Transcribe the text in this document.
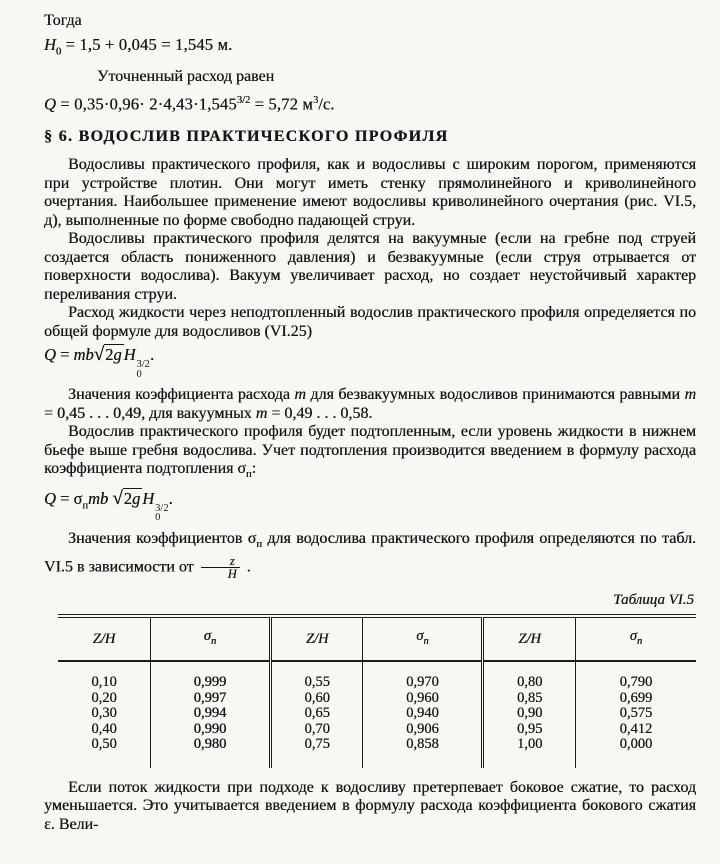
Тогда
$H_0 = 1,5 + 0,045 = 1,545$ м.
Уточненный расход равен
$Q = 0,35\cdot 0,96\cdot 2\cdot 4,43\cdot 1,545^{3/2} = 5,72$ $м^3/с$.
§ 6. ВОДОСЛИВ ПРАКТИЧЕСКОГО ПРОФИЛЯ

Водосливы практического профиля, как и водосливы с широким порогом, применяются при устройстве плотин. Они могут иметь стенку прямолинейного и криволинейного очертания. Наибольшее применение имеют водосливы криволинейного очертания (рис. VI.5, д), выполненные по форме свободно падающей струи.

Водосливы практического профиля делятся на вакуумные (если на гребне под струей создается область пониженного давления) и безвакуумные (если струя отрывается от поверхности водослива). Вакуум увеличивает расход, но создает неустойчивый характер переливания струи.

Расход жидкости через неподтопленный водослив практического профиля определяется по общей формуле для водосливов (VI.25)

Q = mb√2g H
3/2
0
.

Значения коэффициента расхода m для безвакуумных водосливов принимаются равными m = 0,45 . . . 0,49, для вакуумных m = 0,49 . . . 0,58.

Водослив практического профиля будет подтопленным, если уровень жидкости в нижнем бьефе выше гребня водослива. Учет подтопления производится введением в формулу расхода коэффициента подтопления $\sigma_п$:

$Q = \sigma_пmb$ √2g H
3/2
0
.

Значения коэффициентов $\sigma_п$ для водослива практического профиля определяются по табл. VI.5 в зависимости от $\frac{z}{H}$ .

Таблица VI.5
Z/H	$\sigma_п$	Z/H	$\sigma_п$	Z/H	$\sigma_п$
0,10	0,999	0,55	0,970	0,80	0,790
0,20	0,997	0,60	0,960	0,85	0,699
0,30	0,994	0,65	0,940	0,90	0,575
0,40	0,990	0,70	0,906	0,95	0,412
0,50	0,980	0,75	0,858	1,00	0,000

Если поток жидкости при подходе к водосливу претерпевает боковое сжатие, то расход уменьшается. Это учитывается введением в формулу расхода коэффициента бокового сжатия ε. Вели-
